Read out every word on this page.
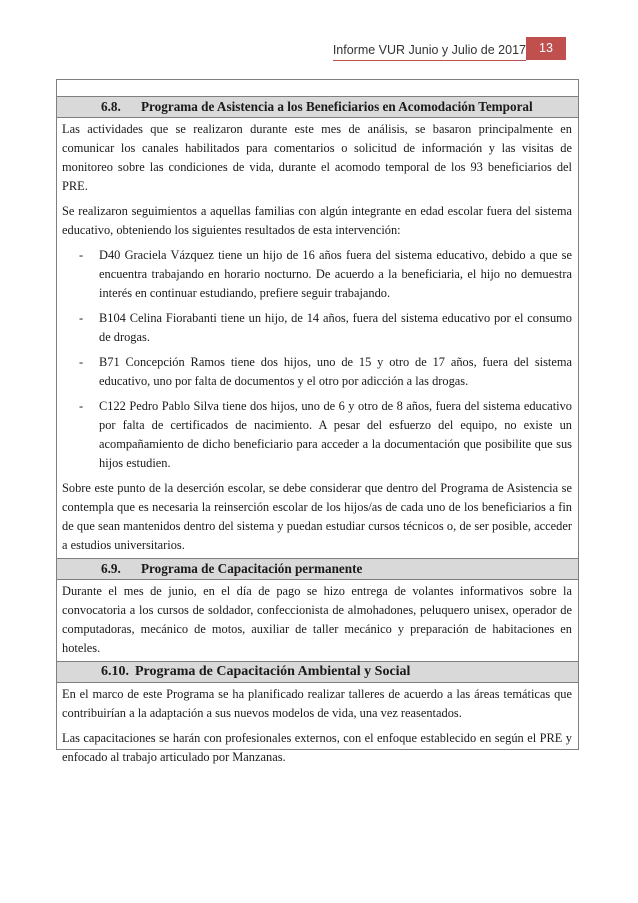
Informe VUR Junio y Julio de 2017	13
6.8. Programa de Asistencia a los Beneficiarios en Acomodación Temporal

Las actividades que se realizaron durante este mes de análisis, se basaron principalmente en comunicar los canales habilitados para comentarios o solicitud de información y las visitas de monitoreo sobre las condiciones de vida, durante el acomodo temporal de los 93 beneficiarios del PRE.

Se realizaron seguimientos a aquellas familias con algún integrante en edad escolar fuera del sistema educativo, obteniendo los siguientes resultados de esta intervención:

- D40 Graciela Vázquez tiene un hijo de 16 años fuera del sistema educativo, debido a que se encuentra trabajando en horario nocturno. De acuerdo a la beneficiaria, el hijo no demuestra interés en continuar estudiando, prefiere seguir trabajando.
- B104 Celina Fiorabanti tiene un hijo, de 14 años, fuera del sistema educativo por el consumo de drogas.
- B71 Concepción Ramos tiene dos hijos, uno de 15 y otro de 17 años, fuera del sistema educativo, uno por falta de documentos y el otro por adicción a las drogas.
- C122 Pedro Pablo Silva tiene dos hijos, uno de 6 y otro de 8 años, fuera del sistema educativo por falta de certificados de nacimiento. A pesar del esfuerzo del equipo, no existe un acompañamiento de dicho beneficiario para acceder a la documentación que posibilite que sus hijos estudien.

Sobre este punto de la deserción escolar, se debe considerar que dentro del Programa de Asistencia se contempla que es necesaria la reinserción escolar de los hijos/as de cada uno de los beneficiarios a fin de que sean mantenidos dentro del sistema y puedan estudiar cursos técnicos o, de ser posible, acceder a estudios universitarios.

6.9. Programa de Capacitación permanente

Durante el mes de junio, en el día de pago se hizo entrega de volantes informativos sobre la convocatoria a los cursos de soldador, confeccionista de almohadones, peluquero unisex, operador de computadoras, mecánico de motos, auxiliar de taller mecánico y preparación de habitaciones en hoteles.

6.10. Programa de Capacitación Ambiental y Social

En el marco de este Programa se ha planificado realizar talleres de acuerdo a las áreas temáticas que contribuirían a la adaptación a sus nuevos modelos de vida, una vez reasentados.

Las capacitaciones se harán con profesionales externos, con el enfoque establecido en según el PRE y enfocado al trabajo articulado por Manzanas.
